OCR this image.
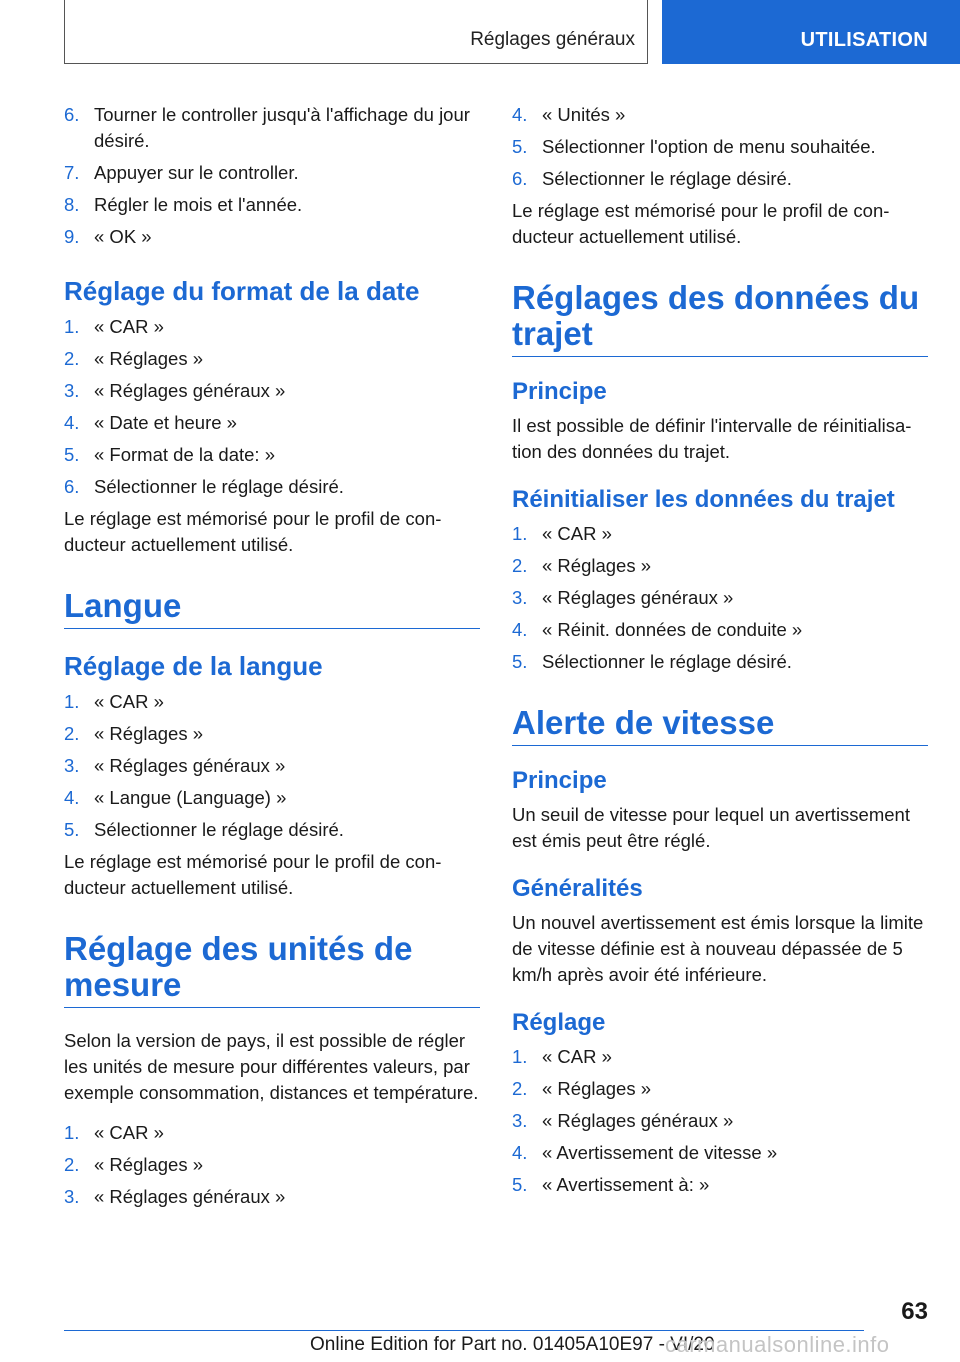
Réglages généraux	UTILISATION
6. Tourner le controller jusqu'à l'affichage du jour désiré.
7. Appuyer sur le controller.
8. Régler le mois et l'année.
9. « OK »
Réglage du format de la date
1. « CAR »
2. « Réglages »
3. « Réglages généraux »
4. « Date et heure »
5. « Format de la date: »
6. Sélectionner le réglage désiré.
Le réglage est mémorisé pour le profil de conducteur actuellement utilisé.
Langue
Réglage de la langue
1. « CAR »
2. « Réglages »
3. « Réglages généraux »
4. « Langue (Language) »
5. Sélectionner le réglage désiré.
Le réglage est mémorisé pour le profil de conducteur actuellement utilisé.
Réglage des unités de mesure
Selon la version de pays, il est possible de régler les unités de mesure pour différentes valeurs, par exemple consommation, distances et température.
1. « CAR »
2. « Réglages »
3. « Réglages généraux »
4. « Unités »
5. Sélectionner l'option de menu souhaitée.
6. Sélectionner le réglage désiré.
Le réglage est mémorisé pour le profil de conducteur actuellement utilisé.
Réglages des données du trajet
Principe
Il est possible de définir l'intervalle de réinitialisation des données du trajet.
Réinitialiser les données du trajet
1. « CAR »
2. « Réglages »
3. « Réglages généraux »
4. « Réinit. données de conduite »
5. Sélectionner le réglage désiré.
Alerte de vitesse
Principe
Un seuil de vitesse pour lequel un avertissement est émis peut être réglé.
Généralités
Un nouvel avertissement est émis lorsque la limite de vitesse définie est à nouveau dépassée de 5 km/h après avoir été inférieure.
Réglage
1. « CAR »
2. « Réglages »
3. « Réglages généraux »
4. « Avertissement de vitesse »
5. « Avertissement à: »
63
Online Edition for Part no. 01405A10E97 - VI/20
carmanualsonline.info
